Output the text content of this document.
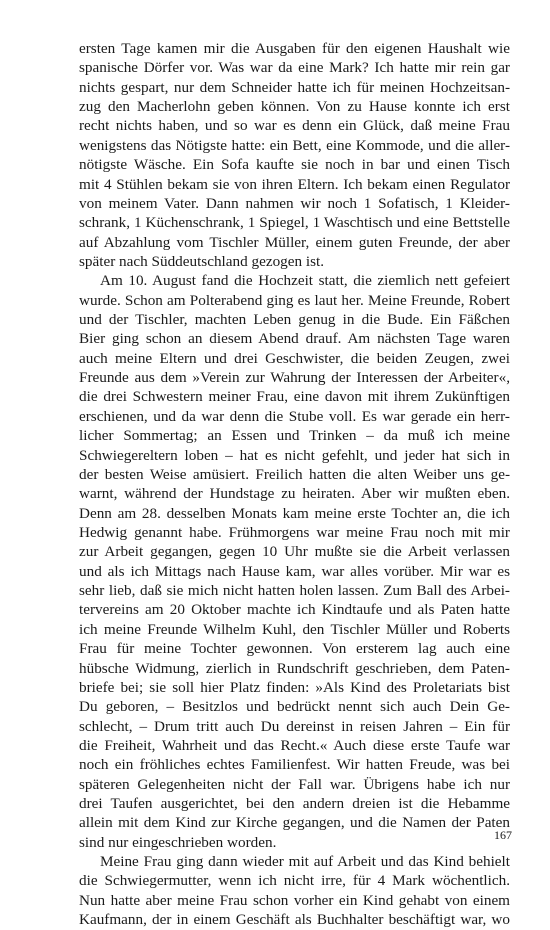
ersten Tage kamen mir die Ausgaben für den eigenen Haushalt wie
spanische Dörfer vor. Was war da eine Mark? Ich hatte mir rein gar
nichts gespart, nur dem Schneider hatte ich für meinen Hochzeitsan-
zug den Macherlohn geben können. Von zu Hause konnte ich erst
recht nichts haben, und so war es denn ein Glück, daß meine Frau
wenigstens das Nötigste hatte: ein Bett, eine Kommode, und die aller-
nötigste Wäsche. Ein Sofa kaufte sie noch in bar und einen Tisch
mit 4 Stühlen bekam sie von ihren Eltern. Ich bekam einen Regulator
von meinem Vater. Dann nahmen wir noch 1 Sofatisch, 1 Kleider-
schrank, 1 Küchenschrank, 1 Spiegel, 1 Waschtisch und eine Bettstelle
auf Abzahlung vom Tischler Müller, einem guten Freunde, der aber
später nach Süddeutschland gezogen ist.
Am 10. August fand die Hochzeit statt, die ziemlich nett gefeiert
wurde. Schon am Polterabend ging es laut her. Meine Freunde, Robert
und der Tischler, machten Leben genug in die Bude. Ein Fäßchen
Bier ging schon an diesem Abend drauf. Am nächsten Tage waren
auch meine Eltern und drei Geschwister, die beiden Zeugen, zwei
Freunde aus dem »Verein zur Wahrung der Interessen der Arbeiter«,
die drei Schwestern meiner Frau, eine davon mit ihrem Zukünftigen
erschienen, und da war denn die Stube voll. Es war gerade ein herr-
licher Sommertag; an Essen und Trinken – da muß ich meine
Schwiegereltern loben – hat es nicht gefehlt, und jeder hat sich in
der besten Weise amüsiert. Freilich hatten die alten Weiber uns ge-
warnt, während der Hundstage zu heiraten. Aber wir mußten eben.
Denn am 28. desselben Monats kam meine erste Tochter an, die ich
Hedwig genannt habe. Frühmorgens war meine Frau noch mit mir
zur Arbeit gegangen, gegen 10 Uhr mußte sie die Arbeit verlassen
und als ich Mittags nach Hause kam, war alles vorüber. Mir war es
sehr lieb, daß sie mich nicht hatten holen lassen. Zum Ball des Arbei-
tervereins am 20 Oktober machte ich Kindtaufe und als Paten hatte
ich meine Freunde Wilhelm Kuhl, den Tischler Müller und Roberts
Frau für meine Tochter gewonnen. Von ersterem lag auch eine
hübsche Widmung, zierlich in Rundschrift geschrieben, dem Paten-
briefe bei; sie soll hier Platz finden: »Als Kind des Proletariats bist
Du geboren, – Besitzlos und bedrückt nennt sich auch Dein Ge-
schlecht, – Drum tritt auch Du dereinst in reisen Jahren – Ein für
die Freiheit, Wahrheit und das Recht.« Auch diese erste Taufe war
noch ein fröhliches echtes Familienfest. Wir hatten Freude, was bei
späteren Gelegenheiten nicht der Fall war. Übrigens habe ich nur
drei Taufen ausgerichtet, bei den andern dreien ist die Hebamme
allein mit dem Kind zur Kirche gegangen, und die Namen der Paten
sind nur eingeschrieben worden.
Meine Frau ging dann wieder mit auf Arbeit und das Kind behielt
die Schwiegermutter, wenn ich nicht irre, für 4 Mark wöchentlich.
Nun hatte aber meine Frau schon vorher ein Kind gehabt von einem
Kaufmann, der in einem Geschäft als Buchhalter beschäftigt war, wo
167
